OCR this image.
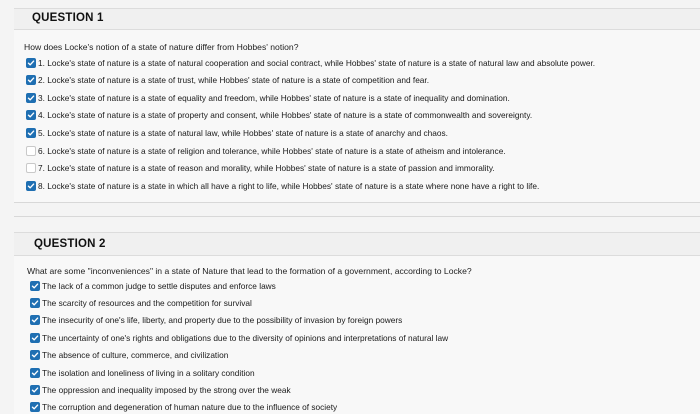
QUESTION 1
How does Locke's notion of a state of nature differ from Hobbes' notion?
1. Locke's state of nature is a state of natural cooperation and social contract, while Hobbes' state of nature is a state of natural law and absolute power.
2. Locke's state of nature is a state of trust, while Hobbes' state of nature is a state of competition and fear.
3. Locke's state of nature is a state of equality and freedom, while Hobbes' state of nature is a state of inequality and domination.
4. Locke's state of nature is a state of property and consent, while Hobbes' state of nature is a state of commonwealth and sovereignty.
5. Locke's state of nature is a state of natural law, while Hobbes' state of nature is a state of anarchy and chaos.
6. Locke's state of nature is a state of religion and tolerance, while Hobbes' state of nature is a state of atheism and intolerance.
7. Locke's state of nature is a state of reason and morality, while Hobbes' state of nature is a state of passion and immorality.
8. Locke's state of nature is a state in which all have a right to life, while Hobbes' state of nature is a state where none have a right to life.
QUESTION 2
What are some "inconveniences" in a state of Nature that lead to the formation of a government, according to Locke?
The lack of a common judge to settle disputes and enforce laws
The scarcity of resources and the competition for survival
The insecurity of one's life, liberty, and property due to the possibility of invasion by foreign powers
The uncertainty of one's rights and obligations due to the diversity of opinions and interpretations of natural law
The absence of culture, commerce, and civilization
The isolation and loneliness of living in a solitary condition
The oppression and inequality imposed by the strong over the weak
The corruption and degeneration of human nature due to the influence of society
